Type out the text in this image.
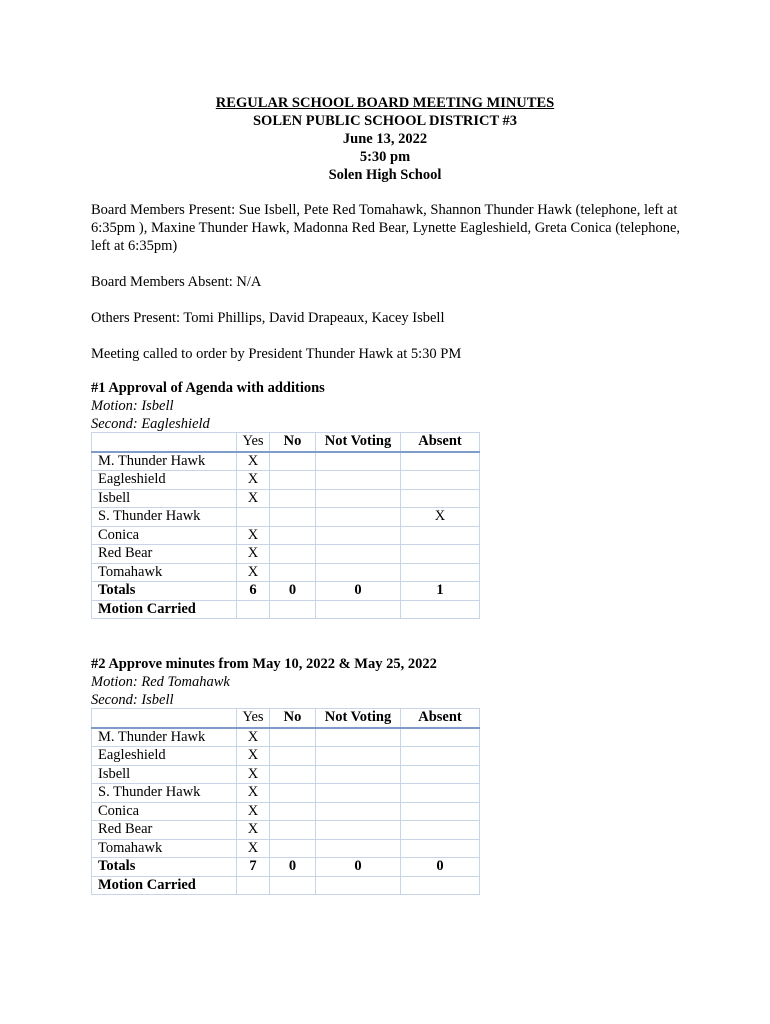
REGULAR SCHOOL BOARD MEETING MINUTES
SOLEN PUBLIC SCHOOL DISTRICT #3
June 13, 2022
5:30 pm
Solen High School
Board Members Present: Sue Isbell, Pete Red Tomahawk, Shannon Thunder Hawk (telephone, left at 6:35pm ), Maxine Thunder Hawk, Madonna Red Bear, Lynette Eagleshield, Greta Conica (telephone, left at 6:35pm)
Board Members Absent: N/A
Others Present: Tomi Phillips, David Drapeaux, Kacey Isbell
Meeting called to order by President Thunder Hawk at 5:30 PM
#1 Approval of Agenda with additions
Motion: Isbell
Second: Eagleshield
	Yes	No	Not Voting	Absent
M. Thunder Hawk	X			
Eagleshield	X			
Isbell	X			
S. Thunder Hawk				X
Conica	X			
Red Bear	X			
Tomahawk	X			
Totals	6	0	0	1
Motion Carried				
#2 Approve minutes from May 10, 2022 & May 25, 2022
Motion: Red Tomahawk
Second: Isbell
	Yes	No	Not Voting	Absent
M. Thunder Hawk	X			
Eagleshield	X			
Isbell	X			
S. Thunder Hawk	X			
Conica	X			
Red Bear	X			
Tomahawk	X			
Totals	7	0	0	0
Motion Carried				
